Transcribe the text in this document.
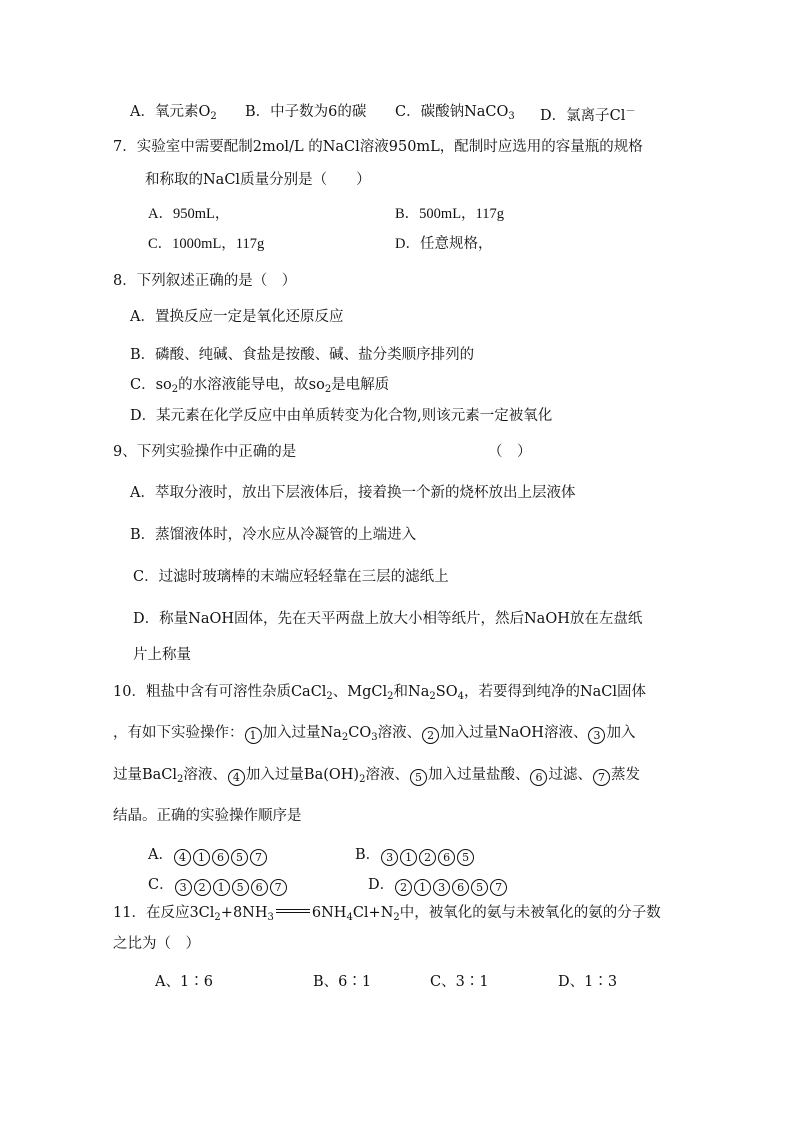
A．氧元素$O_2$ B．中子数为6的碳 C．碳酸钠NaCO$_3$ D．氯离子Cl－
7．实验室中需要配制2mol/L 的NaCl溶液950mL，配制时应选用的容量瓶的规格
和称取的NaCl质量分别是（　　）
A．950mL，	B．500mL，117g
C．1000mL，117g	D．任意规格，
8．下列叙述正确的是（　）
A．置换反应一定是氧化还原反应
B．磷酸、纯碱、食盐是按酸、碱、盐分类顺序排列的
C．$so_2$的水溶液能导电，故$so_2$是电解质
D．某元素在化学反应中由单质转变为化合物,则该元素一定被氧化
9、下列实验操作中正确的是	（　）
A．萃取分液时，放出下层液体后，接着换一个新的烧杯放出上层液体
B．蒸馏液体时，冷水应从冷凝管的上端进入
C．过滤时玻璃棒的末端应轻轻靠在三层的滤纸上
D．称量NaOH固体，先在天平两盘上放大小相等纸片，然后NaOH放在左盘纸
片上称量
10．粗盐中含有可溶性杂质CaCl$_2$、MgCl$_2$和$Na_2SO_4$，若要得到纯净的NaCl固体
，有如下实验操作： 1 加入过量$Na_2CO_3$溶液、 2 加入过量NaOH溶液、 3 加入
过量BaCl$_2$溶液、 4 加入过量$Ba(OH)_2$溶液、 5 加入过量盐酸、 6 过滤、 7 蒸发
结晶。正确的实验操作顺序是
A． 4 1 6 5 7	B． 3 1 2 6 5
C． 3 2 1 5 6 7	D． 2 1 3 6 5 7
11．在反应$3Cl_2+8NH_3$	$6NH_4Cl+N_2$中，被氧化的氨与未被氧化的氨的分子数
之比为（　）
A、1∶6	B、6∶1	C、3∶1	D、1∶3
